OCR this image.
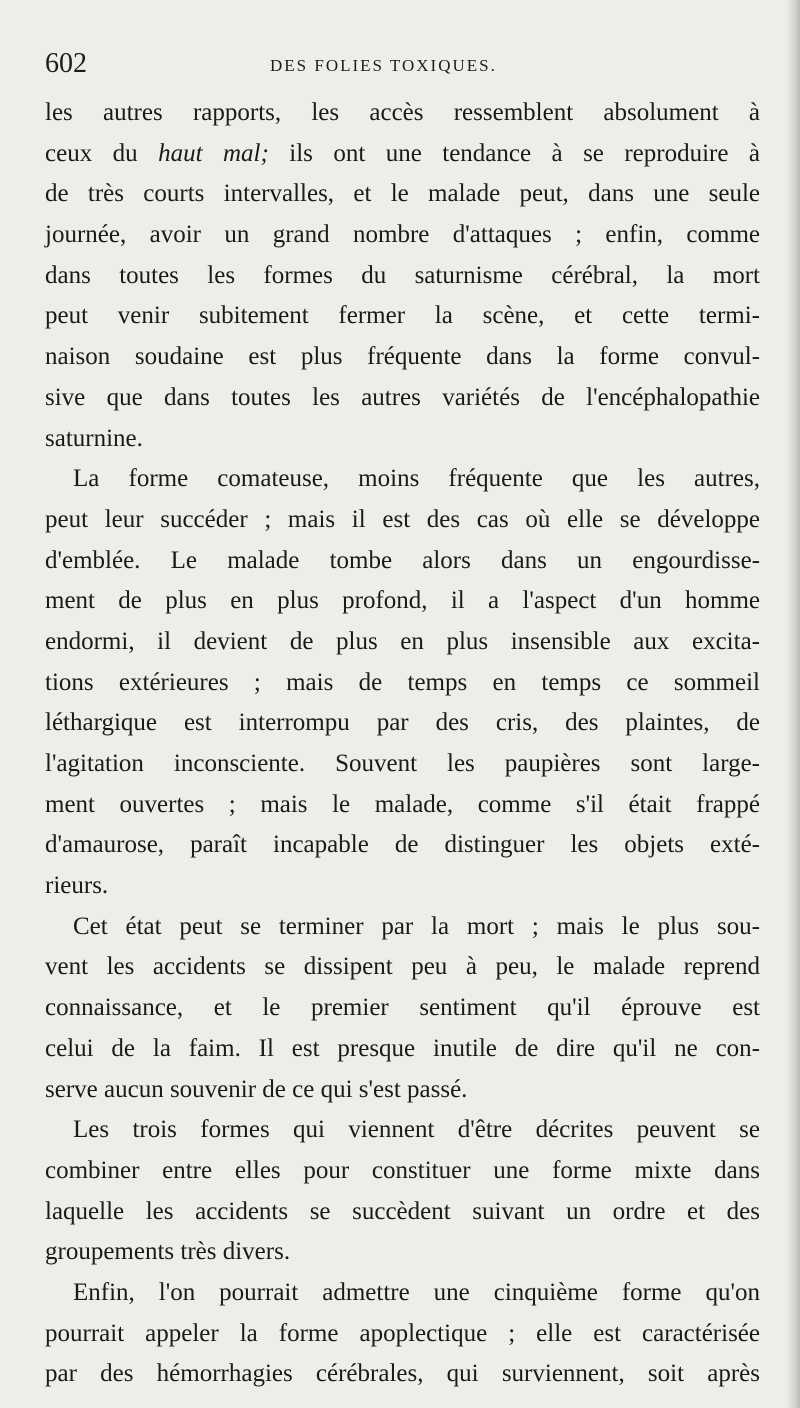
602	DES FOLIES TOXIQUES.
les autres rapports, les accès ressemblent absolument à
ceux du haut mal; ils ont une tendance à se reproduire à
de très courts intervalles, et le malade peut, dans une seule
journée, avoir un grand nombre d'attaques ; enfin, comme
dans toutes les formes du saturnisme cérébral, la mort
peut venir subitement fermer la scène, et cette termi-
naison soudaine est plus fréquente dans la forme convul-
sive que dans toutes les autres variétés de l'encéphalopathie
saturnine.
La forme comateuse, moins fréquente que les autres,
peut leur succéder ; mais il est des cas où elle se développe
d'emblée. Le malade tombe alors dans un engourdisse-
ment de plus en plus profond, il a l'aspect d'un homme
endormi, il devient de plus en plus insensible aux excita-
tions extérieures ; mais de temps en temps ce sommeil
léthargique est interrompu par des cris, des plaintes, de
l'agitation inconsciente. Souvent les paupières sont large-
ment ouvertes ; mais le malade, comme s'il était frappé
d'amaurose, paraît incapable de distinguer les objets exté-
rieurs.
Cet état peut se terminer par la mort ; mais le plus sou-
vent les accidents se dissipent peu à peu, le malade reprend
connaissance, et le premier sentiment qu'il éprouve est
celui de la faim. Il est presque inutile de dire qu'il ne con-
serve aucun souvenir de ce qui s'est passé.
Les trois formes qui viennent d'être décrites peuvent se
combiner entre elles pour constituer une forme mixte dans
laquelle les accidents se succèdent suivant un ordre et des
groupements très divers.
Enfin, l'on pourrait admettre une cinquième forme qu'on
pourrait appeler la forme apoplectique ; elle est caractérisée
par des hémorrhagies cérébrales, qui surviennent, soit après
